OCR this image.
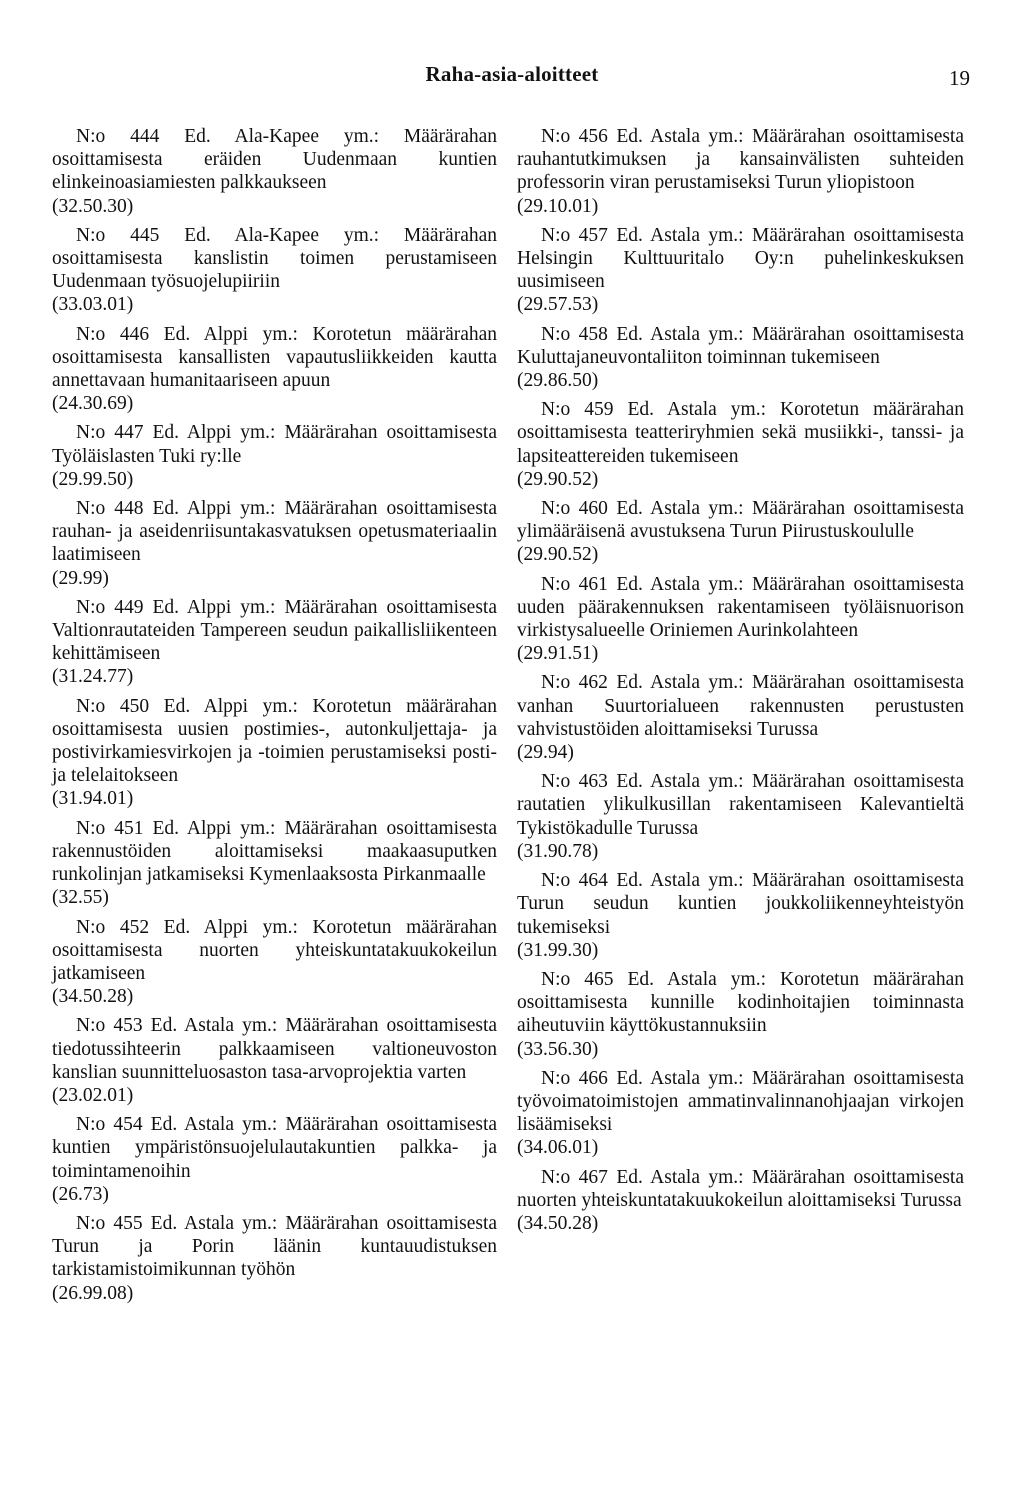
Raha-asia-aloitteet	19
N:o 444 Ed. Ala-Kapee ym.: Määrärahan osoittamisesta eräiden Uudenmaan kuntien elinkeinoasiamiesten palkkaukseen
(32.50.30)
N:o 445 Ed. Ala-Kapee ym.: Määrärahan osoittamisesta kanslistin toimen perustamiseen Uudenmaan työsuojelupiiriin
(33.03.01)
N:o 446 Ed. Alppi ym.: Korotetun määrärahan osoittamisesta kansallisten vapautusliikkeiden kautta annettavaan humanitaariseen apuun
(24.30.69)
N:o 447 Ed. Alppi ym.: Määrärahan osoittamisesta Työläislasten Tuki ry:lle
(29.99.50)
N:o 448 Ed. Alppi ym.: Määrärahan osoittamisesta rauhan- ja aseidenriisuntakasvatuksen opetusmateriaalin laatimiseen
(29.99)
N:o 449 Ed. Alppi ym.: Määrärahan osoittamisesta Valtionrautateiden Tampereen seudun paikallisliikenteen kehittämiseen
(31.24.77)
N:o 450 Ed. Alppi ym.: Korotetun määrärahan osoittamisesta uusien postimies-, autonkuljettaja- ja postivirkamiesvirkojen ja -toimien perustamiseksi posti- ja telelaitokseen
(31.94.01)
N:o 451 Ed. Alppi ym.: Määrärahan osoittamisesta rakennustöiden aloittamiseksi maakaasuputken runkolinjan jatkamiseksi Kymenlaaksosta Pirkanmaalle
(32.55)
N:o 452 Ed. Alppi ym.: Korotetun määrärahan osoittamisesta nuorten yhteiskuntatakuukokeilun jatkamiseen
(34.50.28)
N:o 453 Ed. Astala ym.: Määrärahan osoittamisesta tiedotussihteerin palkkaamiseen valtioneuvoston kanslian suunnitteluosaston tasa-arvoprojektia varten
(23.02.01)
N:o 454 Ed. Astala ym.: Määrärahan osoittamisesta kuntien ympäristönsuojelulautakuntien palkka- ja toimintamenoihin
(26.73)
N:o 455 Ed. Astala ym.: Määrärahan osoittamisesta Turun ja Porin läänin kuntauudistuksen tarkistamistoimikunnan työhön
(26.99.08)
N:o 456 Ed. Astala ym.: Määrärahan osoittamisesta rauhantutkimuksen ja kansainvälisten suhteiden professorin viran perustamiseksi Turun yliopistoon
(29.10.01)
N:o 457 Ed. Astala ym.: Määrärahan osoittamisesta Helsingin Kulttuuritalo Oy:n puhelinkeskuksen uusimiseen
(29.57.53)
N:o 458 Ed. Astala ym.: Määrärahan osoittamisesta Kuluttajaneuvontaliiton toiminnan tukemiseen
(29.86.50)
N:o 459 Ed. Astala ym.: Korotetun määrärahan osoittamisesta teatteriryhmien sekä musiikki-, tanssi- ja lapsiteattereiden tukemiseen
(29.90.52)
N:o 460 Ed. Astala ym.: Määrärahan osoittamisesta ylimääräisenä avustuksena Turun Piirustuskoululle
(29.90.52)
N:o 461 Ed. Astala ym.: Määrärahan osoittamisesta uuden päärakennuksen rakentamiseen työläisnuorison virkistysalueelle Oriniemen Aurinkolahteen
(29.91.51)
N:o 462 Ed. Astala ym.: Määrärahan osoittamisesta vanhan Suurtorialueen rakennusten perustusten vahvistustöiden aloittamiseksi Turussa
(29.94)
N:o 463 Ed. Astala ym.: Määrärahan osoittamisesta rautatien ylikulkusillan rakentamiseen Kalevantieltä Tykistökadulle Turussa
(31.90.78)
N:o 464 Ed. Astala ym.: Määrärahan osoittamisesta Turun seudun kuntien joukkoliikenneyhteistyön tukemiseksi
(31.99.30)
N:o 465 Ed. Astala ym.: Korotetun määrärahan osoittamisesta kunnille kodinhoitajien toiminnasta aiheutuviin käyttökustannuksiin
(33.56.30)
N:o 466 Ed. Astala ym.: Määrärahan osoittamisesta työvoimatoimistojen ammatinvalinnanohjaajan virkojen lisäämiseksi
(34.06.01)
N:o 467 Ed. Astala ym.: Määrärahan osoittamisesta nuorten yhteiskuntatakuukokeilun aloittamiseksi Turussa
(34.50.28)
